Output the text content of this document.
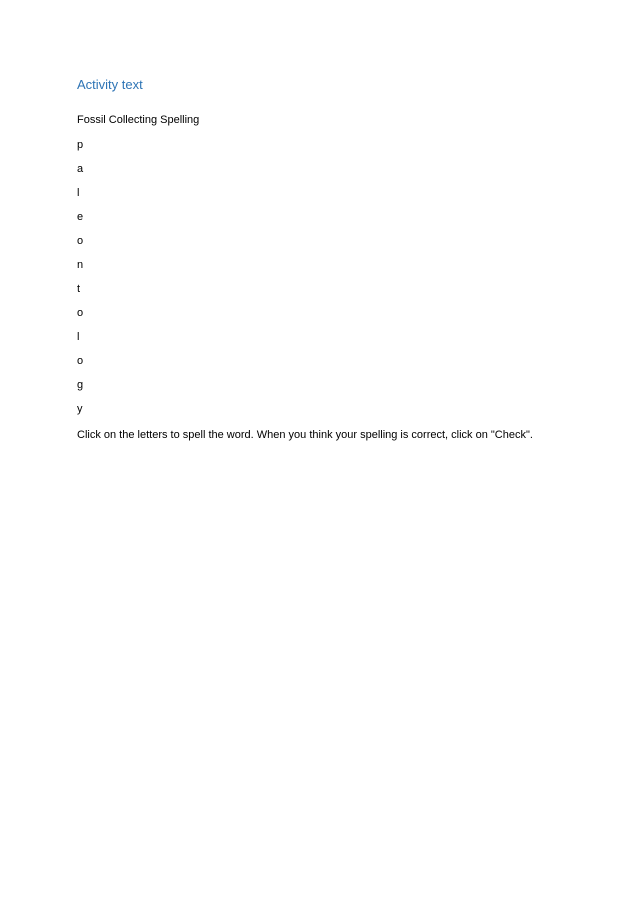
Activity text

Fossil Collecting Spelling

p
a
l
e
o
n
t
o
l
o
g
y

Click on the letters to spell the word. When you think your spelling is correct, click on "Check".
